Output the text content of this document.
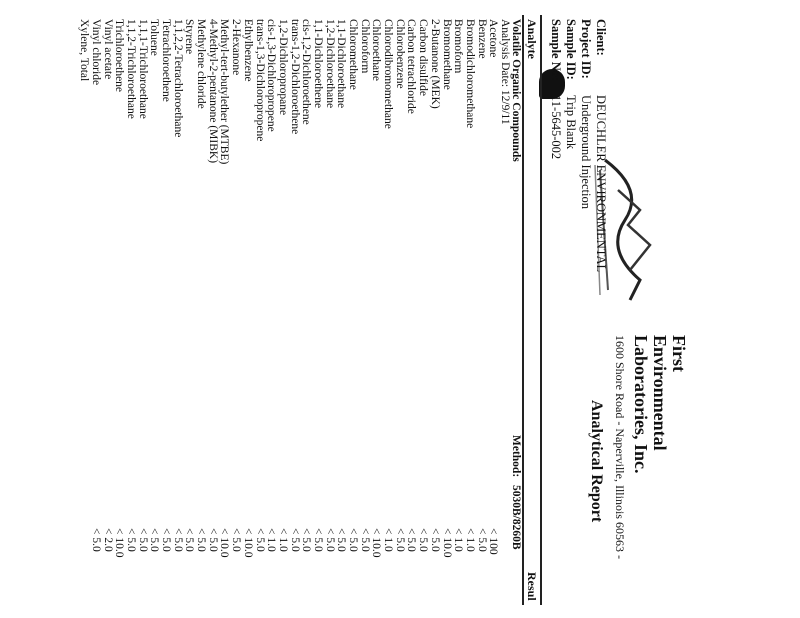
First
Environmental
Laboratories, Inc.
1600 Shore Road - Naperville, Illinois 60563 -
Analytical Report
Client:
DEUCHLER ENVIRONMENTAL
Project ID:
Underground Injection
Sample ID:
Trip Blank
Sample No:
11-5645-002
Analyte
Resul
Volatile Organic Compounds
Method:
5030B/8260B
Analysis Date: 12/9/11
Acetone
Benzene
Bromodichloromethane
Bromoform
Bromomethane
2-Butanone (MEK)
Carbon disulfide
Carbon tetrachloride
Chlorobenzene
Chlorodibromomethane
Chloroethane
Chloroform
Chloromethane
1,1-Dichloroethane
1,2-Dichloroethane
1,1-Dichloroethene
cis-1,2-Dichloroethene
trans-1,2-Dichloroethene
1,2-Dichloropropane
cis-1,3-Dichloropropene
trans-1,3-Dichloropropene
Ethylbenzene
2-Hexanone
Methyl-tert-butylether (MTBE)
4-Methyl-2-pentanone (MIBK)
Methylene chloride
Styrene
1,1,2,2-Tetrachloroethane
Tetrachloroethene
Toluene
1,1,1-Trichloroethane
1,1,2-Trichloroethane
Trichloroethene
Vinyl acetate
Vinyl chloride
Xylene, Total
< 100
< 5.0
< 1.0
< 1.0
< 10.0
< 5.0
< 5.0
< 5.0
< 5.0
< 1.0
< 10.0
< 5.0
< 5.0
< 5.0
< 5.0
< 5.0
< 5.0
< 5.0
< 1.0
< 1.0
< 5.0
< 10.0
< 5.0
< 10.0
< 5.0
< 5.0
< 5.0
< 5.0
< 5.0
< 5.0
< 5.0
< 5.0
< 10.0
< 2.0
< 5.0
